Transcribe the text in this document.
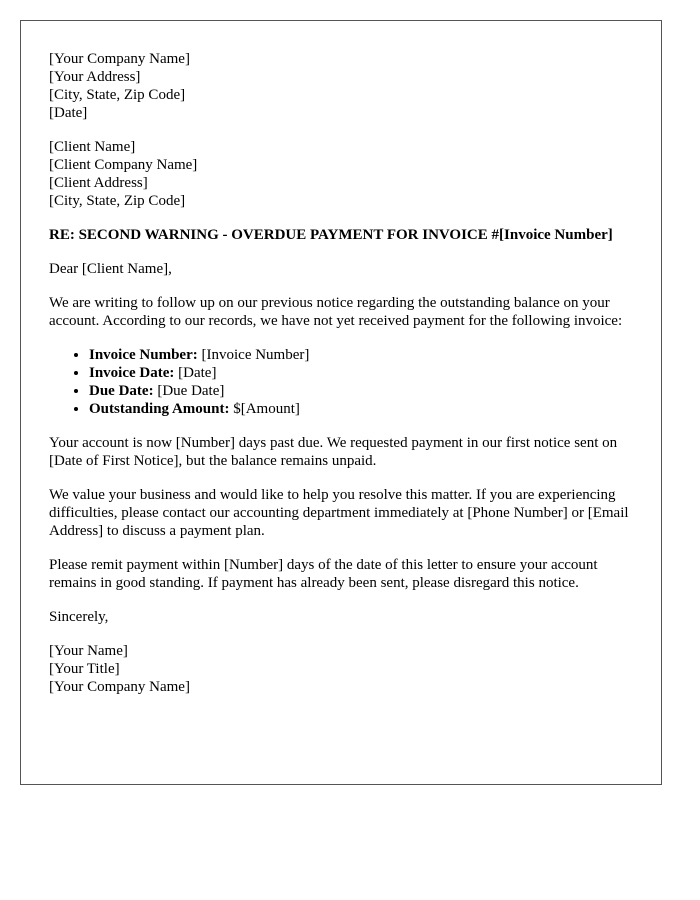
[Your Company Name]
[Your Address]
[City, State, Zip Code]
[Date]
[Client Name]
[Client Company Name]
[Client Address]
[City, State, Zip Code]
RE: SECOND WARNING - OVERDUE PAYMENT FOR INVOICE #[Invoice Number]

Dear [Client Name],

We are writing to follow up on our previous notice regarding the outstanding balance on your account. According to our records, we have not yet received payment for the following invoice:

• Invoice Number: [Invoice Number]
• Invoice Date: [Date]
• Due Date: [Due Date]
• Outstanding Amount: $[Amount]

Your account is now [Number] days past due. We requested payment in our first notice sent on [Date of First Notice], but the balance remains unpaid.

We value your business and would like to help you resolve this matter. If you are experiencing difficulties, please contact our accounting department immediately at [Phone Number] or [Email Address] to discuss a payment plan.

Please remit payment within [Number] days of the date of this letter to ensure your account remains in good standing. If payment has already been sent, please disregard this notice.

Sincerely,

[Your Name]
[Your Title]
[Your Company Name]
